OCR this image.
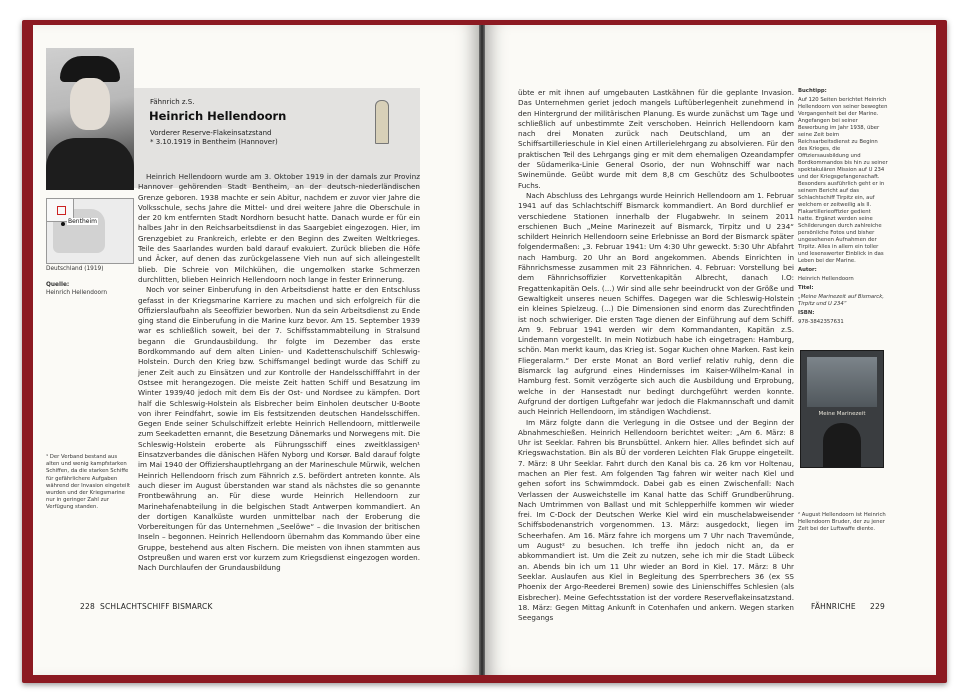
Fähnrich z.S.
Heinrich Hellendoorn
Vorderer Reserve-Flakeinsatzstand
* 3.10.1919 in Bentheim (Hannover)
Bentheim
Deutschland (1919)
Quelle:
Heinrich Hellendoorn
¹ Der Verband bestand aus alten und wenig kampfstarken Schiffen, da die starken Schiffe für gefährlichere Aufgaben während der Invasion eingeteilt wurden und der Kriegsmarine nur in geringer Zahl zur Verfügung standen.

Heinrich Hellendoorn wurde am 3. Oktober 1919 in der damals zur Provinz Hannover gehörenden Stadt Bentheim, an der deutsch-niederländischen Grenze geboren. 1938 machte er sein Abitur, nachdem er zuvor vier Jahre die Volksschule, sechs Jahre die Mittel- und drei weitere Jahre die Oberschule in der 20 km entfernten Stadt Nordhorn besucht hatte. Danach wurde er für ein halbes Jahr in den Reichsarbeitsdienst in das Saargebiet eingezogen. Hier, im Grenzgebiet zu Frankreich, erlebte er den Beginn des Zweiten Weltkrieges. Teile des Saarlandes wurden bald darauf evakuiert. Zurück blieben die Höfe und Äcker, auf denen das zurückgelassene Vieh nun auf sich alleingestellt blieb. Die Schreie von Milchkühen, die ungemolken starke Schmerzen durchlitten, blieben Heinrich Hellendoorn noch lange in fester Erinnerung.

Noch vor seiner Einberufung in den Arbeitsdienst hatte er den Entschluss gefasst in der Kriegsmarine Karriere zu machen und sich erfolgreich für die Offizierslaufbahn als Seeoffizier beworben. Nun da sein Arbeitsdienst zu Ende ging stand die Einberufung in die Marine kurz bevor. Am 15. September 1939 war es schließlich soweit, bei der 7. Schiffsstammabteilung in Stralsund begann die Grundausbildung. Ihr folgte im Dezember das erste Bordkommando auf dem alten Linien- und Kadettenschulschiff Schleswig-Holstein. Durch den Krieg bzw. Schiffsmangel bedingt wurde das Schiff zu jener Zeit auch zu Einsätzen und zur Kontrolle der Handelsschifffahrt in der Ostsee mit herangezogen. Die meiste Zeit hatten Schiff und Besatzung im Winter 1939/40 jedoch mit dem Eis der Ost- und Nordsee zu kämpfen. Dort half die Schleswig-Holstein als Eisbrecher beim Einholen deutscher U-Boote von ihrer Feindfahrt, sowie im Eis festsitzenden deutschen Handelsschiffen. Gegen Ende seiner Schulschiffzeit erlebte Heinrich Hellendoorn, mittlerweile zum Seekadetten ernannt, die Besetzung Dänemarks und Norwegens mit. Die Schleswig-Holstein eroberte als Führungsschiff eines zweitklassigen¹ Einsatzverbandes die dänischen Häfen Nyborg und Korsør. Bald darauf folgte im Mai 1940 der Offiziershauptlehrgang an der Marineschule Mürwik, welchen Heinrich Hellendoorn frisch zum Fähnrich z.S. befördert antreten konnte. Als auch dieser im August überstanden war stand als nächstes die so genannte Frontbewährung an. Für diese wurde Heinrich Hellendoorn zur Marinehafenabteilung in die belgischen Stadt Antwerpen kommandiert. An der dortigen Kanalküste wurden unmittelbar nach der Eroberung die Vorbereitungen für das Unternehmen „Seelöwe“ – die Invasion der britischen Inseln – begonnen. Heinrich Hellendoorn übernahm das Kommando über eine Gruppe, bestehend aus alten Fischern. Die meisten von ihnen stammten aus Ostpreußen und waren erst vor kurzem zum Kriegsdienst eingezogen worden. Nach Durchlaufen der Grundausbildung

228 SCHLACHTSCHIFF BISMARCK

übte er mit ihnen auf umgebauten Lastkähnen für die geplante Invasion. Das Unternehmen geriet jedoch mangels Luftüberlegenheit zunehmend in den Hintergrund der militärischen Planung. Es wurde zunächst um Tage und schließlich auf unbestimmte Zeit verschoben. Heinrich Hellendoorn kam nach drei Monaten zurück nach Deutschland, um an der Schiffsartillerieschule in Kiel einen Artillerielehrgang zu absolvieren. Für den praktischen Teil des Lehrgangs ging er mit dem ehemaligen Ozeandampfer der Südamerika-Linie General Osorio, der nun Wohnschiff war nach Swinemünde. Geübt wurde mit dem 8,8 cm Geschütz des Schulbootes Fuchs.

Nach Abschluss des Lehrgangs wurde Heinrich Hellendoorn am 1. Februar 1941 auf das Schlachtschiff Bismarck kommandiert. An Bord durchlief er verschiedene Stationen innerhalb der Flugabwehr. In seinem 2011 erschienen Buch „Meine Marinezeit auf Bismarck, Tirpitz und U 234“ schildert Heinrich Hellendoorn seine Erlebnisse an Bord der Bismarck später folgendermaßen: „3. Februar 1941: Um 4:30 Uhr geweckt. 5:30 Uhr Abfahrt nach Hamburg. 20 Uhr an Bord angekommen. Abends Einrichten in Fähnrichsmesse zusammen mit 23 Fähnrichen. 4. Februar: Vorstellung bei dem Fähnrichsoffizier Korvettenkapitän Albrecht, danach I.O: Fregattenkapitän Oels. (...) Wir sind alle sehr beeindruckt von der Größe und Gewaltigkeit unseres neuen Schiffes. Dagegen war die Schleswig-Holstein ein kleines Spielzeug. (...) Die Dimensionen sind enorm das Zurechtfinden ist noch schwieriger. Die ersten Tage dienen der Einführung auf dem Schiff. Am 9. Februar 1941 werden wir dem Kommandanten, Kapitän z.S. Lindemann vorgestellt. In mein Notizbuch habe ich eingetragen: Hamburg, schön. Man merkt kaum, das Krieg ist. Sogar Kuchen ohne Marken. Fast kein Fliegeralarm.“ Der erste Monat an Bord verlief relativ ruhig, denn die Bismarck lag aufgrund eines Hindernisses im Kaiser-Wilhelm-Kanal in Hamburg fest. Somit verzögerte sich auch die Ausbildung und Erprobung, welche in der Hansestadt nur bedingt durchgeführt werden konnte. Aufgrund der dortigen Luftgefahr war jedoch die Flakmannschaft und damit auch Heinrich Hellendoorn, im ständigen Wachdienst.

Im März folgte dann die Verlegung in die Ostsee und der Beginn der Abnahmeschießen. Heinrich Hellendoorn berichtet weiter: „Am 6. März: 8 Uhr ist Seeklar. Fahren bis Brunsbüttel. Ankern hier. Alles befindet sich auf Kriegswachstation. Bin als BÜ der vorderen Leichten Flak Gruppe eingeteilt. 7. März: 8 Uhr Seeklar. Fahrt durch den Kanal bis ca. 26 km vor Holtenau, machen an Pier fest. Am folgenden Tag fahren wir weiter nach Kiel und gehen sofort ins Schwimmdock. Dabei gab es einen Zwischenfall: Nach Verlassen der Ausweichstelle im Kanal hatte das Schiff Grundberührung. Nach Umtrimmen von Ballast und mit Schlepperhilfe kommen wir wieder frei. Im C-Dock der Deutschen Werke Kiel wird ein muschelabweisender Schiffsbodenanstrich vorgenommen. 13. März: ausgedockt, liegen im Scheerhafen. Am 16. März fahre ich morgens um 7 Uhr nach Travemünde, um August² zu besuchen. Ich treffe ihn jedoch nicht an, da er abkommandiert ist. Um die Zeit zu nutzen, sehe ich mir die Stadt Lübeck an. Abends bin ich um 11 Uhr wieder an Bord in Kiel. 17. März: 8 Uhr Seeklar. Auslaufen aus Kiel in Begleitung des Sperrbrechers 36 (ex SS Phoenix der Argo-Reederei Bremen) sowie des Linienschiffes Schlesien (als Eisbrecher). Meine Gefechtsstation ist der vordere Reserveflakeinsatzstand. 18. März: Gegen Mittag Ankunft in Cotenhafen und ankern. Wegen starken Seegangs

Buchtipp:

Auf 120 Seiten berichtet Heinrich Hellendoorn von seiner bewegten Vergangenheit bei der Marine. Angefangen bei seiner Bewerbung im Jahr 1938, über seine Zeit beim Reichsarbeitsdienst zu Beginn des Krieges, die Offiziersausbildung und Bordkommandos bis hin zu seiner spektakulären Mission auf U 234 und der Kriegsgefangenschaft. Besonders ausführlich geht er in seinem Bericht auf das Schlachtschiff Tirpitz ein, auf welchem er zeitweilig als II. Flakartillerieoffizier gedient hatte. Ergänzt werden seine Schilderungen durch zahlreiche persönliche Fotos und bisher ungesehenen Aufnahmen der Tirpitz. Alles in allem ein toller und lesenswerter Einblick in das Leben bei der Marine.

Autor:

Heinrich Hellendoorn

Titel:

„Meine Marinezeit auf Bismarck, Tirpitz und U 234“

ISBN:

978-3842357631

Meine Marinezeit
² August Hellendoorn ist Heinrich Hellendoorn Bruder, der zu jener Zeit bei der Luftwaffe diente.
FÄHNRICHE 229
